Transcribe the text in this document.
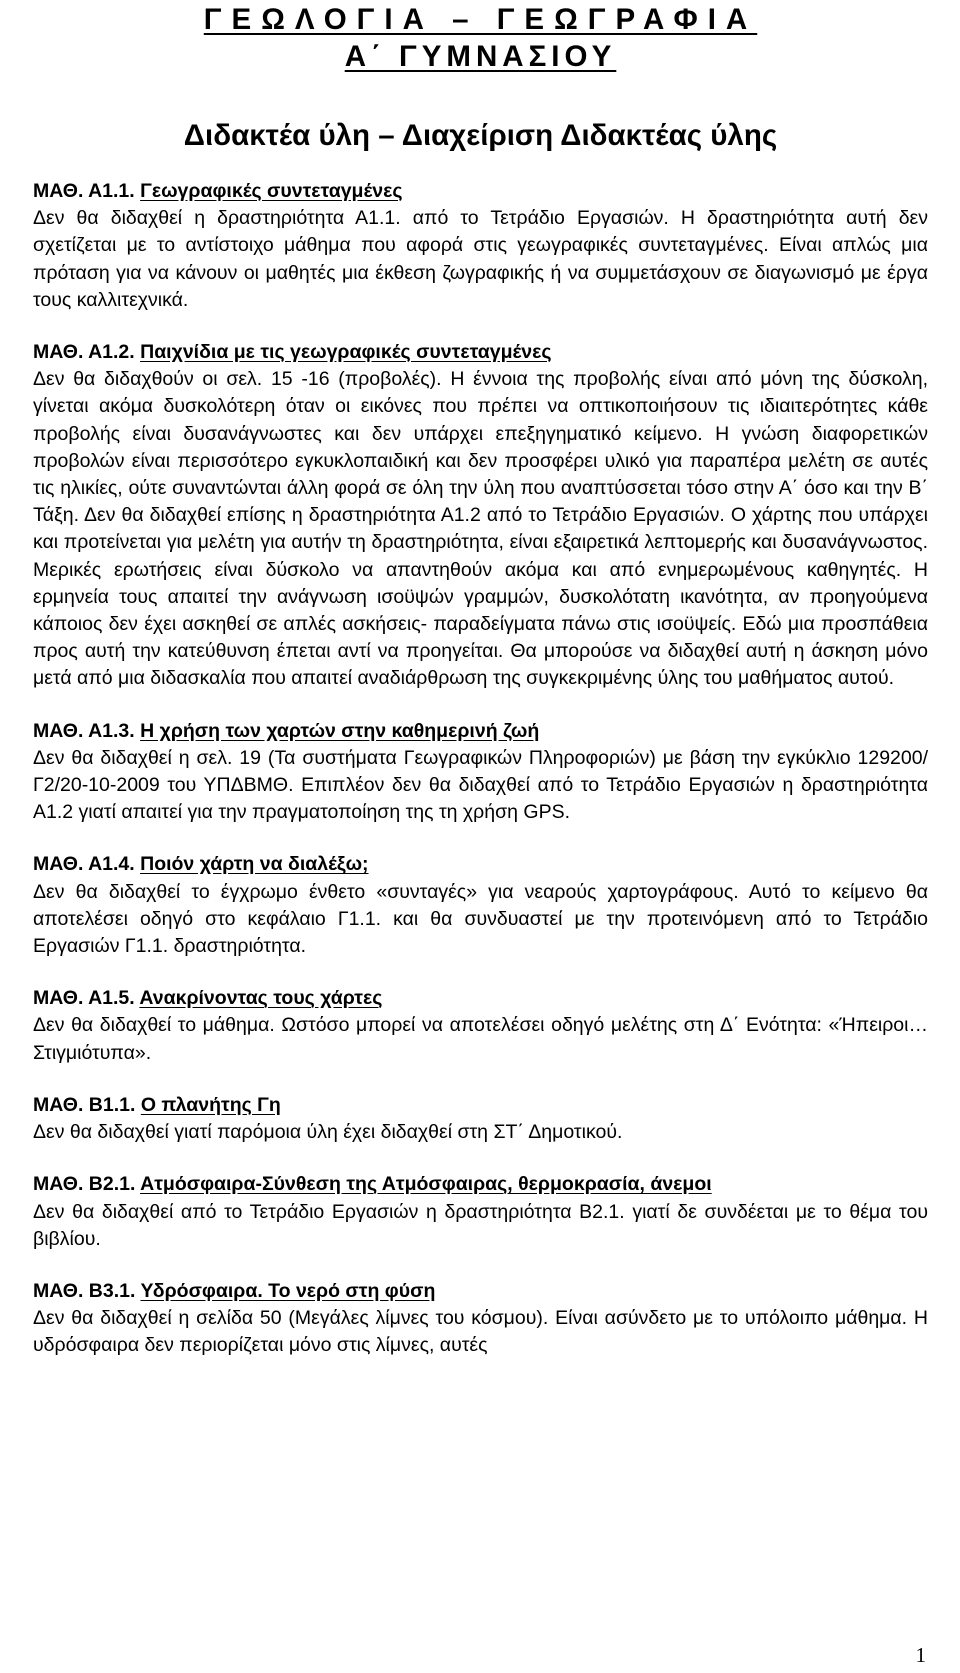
ΓΕΩΛΟΓΙΑ – ΓΕΩΓΡΑΦΙΑ
Α΄ ΓΥΜΝΑΣΙΟΥ
Διδακτέα ύλη – Διαχείριση Διδακτέας ύλης

ΜΑΘ. Α1.1. Γεωγραφικές συντεταγμένες

Δεν θα διδαχθεί η δραστηριότητα Α1.1. από το Τετράδιο Εργασιών. Η δραστηριότητα αυτή δεν σχετίζεται με το αντίστοιχο μάθημα που αφορά στις γεωγραφικές συντεταγμένες. Είναι απλώς μια πρόταση για να κάνουν οι μαθητές μια έκθεση ζωγραφικής ή να συμμετάσχουν σε διαγωνισμό με έργα τους καλλιτεχνικά.

ΜΑΘ. Α1.2. Παιχνίδια με τις γεωγραφικές συντεταγμένες

Δεν θα διδαχθούν οι σελ. 15 -16 (προβολές). Η έννοια της προβολής είναι από μόνη της δύσκολη, γίνεται ακόμα δυσκολότερη όταν οι εικόνες που πρέπει να οπτικοποιήσουν τις ιδιαιτερότητες κάθε προβολής είναι δυσανάγνωστες και δεν υπάρχει επεξηγηματικό κείμενο. Η γνώση διαφορετικών προβολών είναι περισσότερο εγκυκλοπαιδική και δεν προσφέρει υλικό για παραπέρα μελέτη σε αυτές τις ηλικίες, ούτε συναντώνται άλλη φορά σε όλη την ύλη που αναπτύσσεται τόσο στην Α΄ όσο και την Β΄ Τάξη. Δεν θα διδαχθεί επίσης η δραστηριότητα Α1.2 από το Τετράδιο Εργασιών. Ο χάρτης που υπάρχει και προτείνεται για μελέτη για αυτήν τη δραστηριότητα, είναι εξαιρετικά λεπτομερής και δυσανάγνωστος. Μερικές ερωτήσεις είναι δύσκολο να απαντηθούν ακόμα και από ενημερωμένους καθηγητές. Η ερμηνεία τους απαιτεί την ανάγνωση ισοϋψών γραμμών, δυσκολότατη ικανότητα, αν προηγούμενα κάποιος δεν έχει ασκηθεί σε απλές ασκήσεις- παραδείγματα πάνω στις ισοϋψείς. Εδώ μια προσπάθεια προς αυτή την κατεύθυνση έπεται αντί να προηγείται. Θα μπορούσε να διδαχθεί αυτή η άσκηση μόνο μετά από μια διδασκαλία που απαιτεί αναδιάρθρωση της συγκεκριμένης ύλης του μαθήματος αυτού.

ΜΑΘ. Α1.3. Η χρήση των χαρτών στην καθημερινή ζωή

Δεν θα διδαχθεί η σελ. 19 (Τα συστήματα Γεωγραφικών Πληροφοριών) με βάση την εγκύκλιο 129200/Γ2/20-10-2009 του ΥΠΔΒΜΘ. Επιπλέον δεν θα διδαχθεί από το Τετράδιο Εργασιών η δραστηριότητα Α1.2 γιατί απαιτεί για την πραγματοποίηση της τη χρήση GPS.

ΜΑΘ. Α1.4. Ποιόν χάρτη να διαλέξω;

Δεν θα διδαχθεί το έγχρωμο ένθετο «συνταγές» για νεαρούς χαρτογράφους. Αυτό το κείμενο θα αποτελέσει οδηγό στο κεφάλαιο Γ1.1. και θα συνδυαστεί με την προτεινόμενη από το Τετράδιο Εργασιών Γ1.1. δραστηριότητα.

ΜΑΘ. Α1.5. Ανακρίνοντας τους χάρτες

Δεν θα διδαχθεί το μάθημα. Ωστόσο μπορεί να αποτελέσει οδηγό μελέτης στη Δ΄ Ενότητα: «Ήπειροι… Στιγμιότυπα».

ΜΑΘ. Β1.1. Ο πλανήτης Γη

Δεν θα διδαχθεί γιατί παρόμοια ύλη έχει διδαχθεί στη ΣΤ΄ Δημοτικού.

ΜΑΘ. Β2.1. Ατμόσφαιρα-Σύνθεση της Ατμόσφαιρας, θερμοκρασία, άνεμοι

Δεν θα διδαχθεί από το Τετράδιο Εργασιών η δραστηριότητα Β2.1. γιατί δε συνδέεται με το θέμα του βιβλίου.

ΜΑΘ. Β3.1. Υδρόσφαιρα. Το νερό στη φύση

Δεν θα διδαχθεί η σελίδα 50 (Μεγάλες λίμνες του κόσμου). Είναι ασύνδετο με το υπόλοιπο μάθημα. Η υδρόσφαιρα δεν περιορίζεται μόνο στις λίμνες, αυτές

1
